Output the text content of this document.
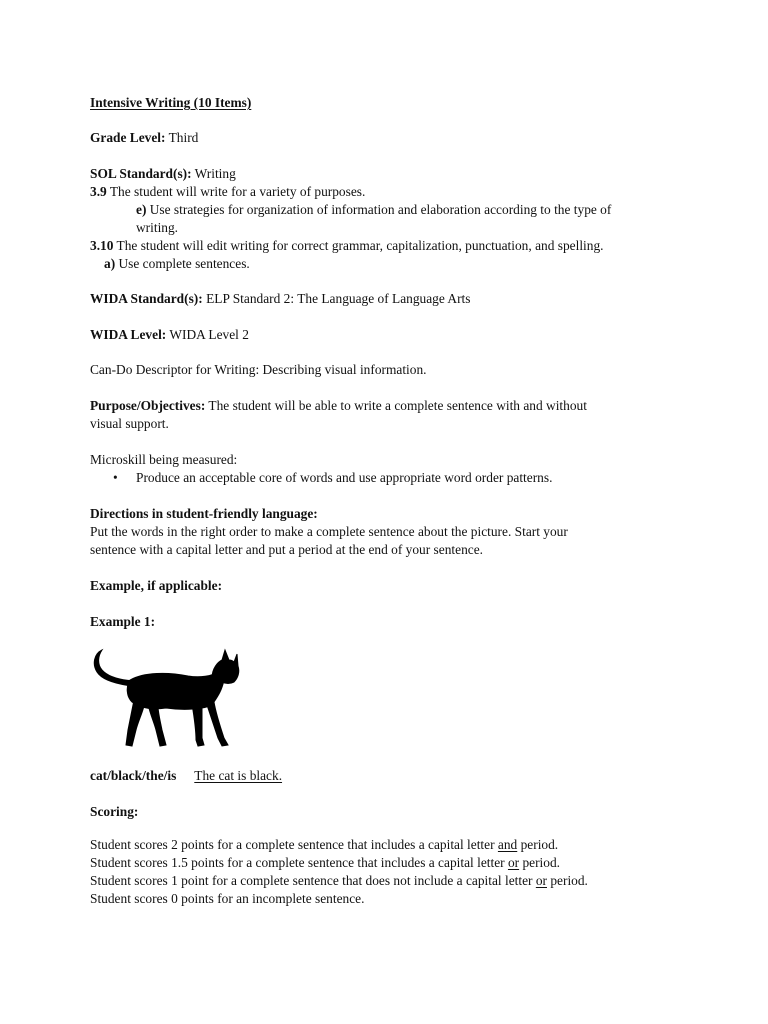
Intensive Writing (10 Items)
Grade Level: Third
SOL Standard(s): Writing
3.9 The student will write for a variety of purposes.
e) Use strategies for organization of information and elaboration according to the type of
writing.
3.10 The student will edit writing for correct grammar, capitalization, punctuation, and spelling.
a) Use complete sentences.
WIDA Standard(s): ELP Standard 2: The Language of Language Arts
WIDA Level: WIDA Level 2
Can-Do Descriptor for Writing: Describing visual information.
Purpose/Objectives: The student will be able to write a complete sentence with and without
visual support.
Microskill being measured:
• Produce an acceptable core of words and use appropriate word order patterns.
Directions in student-friendly language:
Put the words in the right order to make a complete sentence about the picture. Start your
sentence with a capital letter and put a period at the end of your sentence.
Example, if applicable:
Example 1:
cat/black/the/is The cat is black.
Scoring:
Student scores 2 points for a complete sentence that includes a capital letter and period.
Student scores 1.5 points for a complete sentence that includes a capital letter or period.
Student scores 1 point for a complete sentence that does not include a capital letter or period.
Student scores 0 points for an incomplete sentence.
